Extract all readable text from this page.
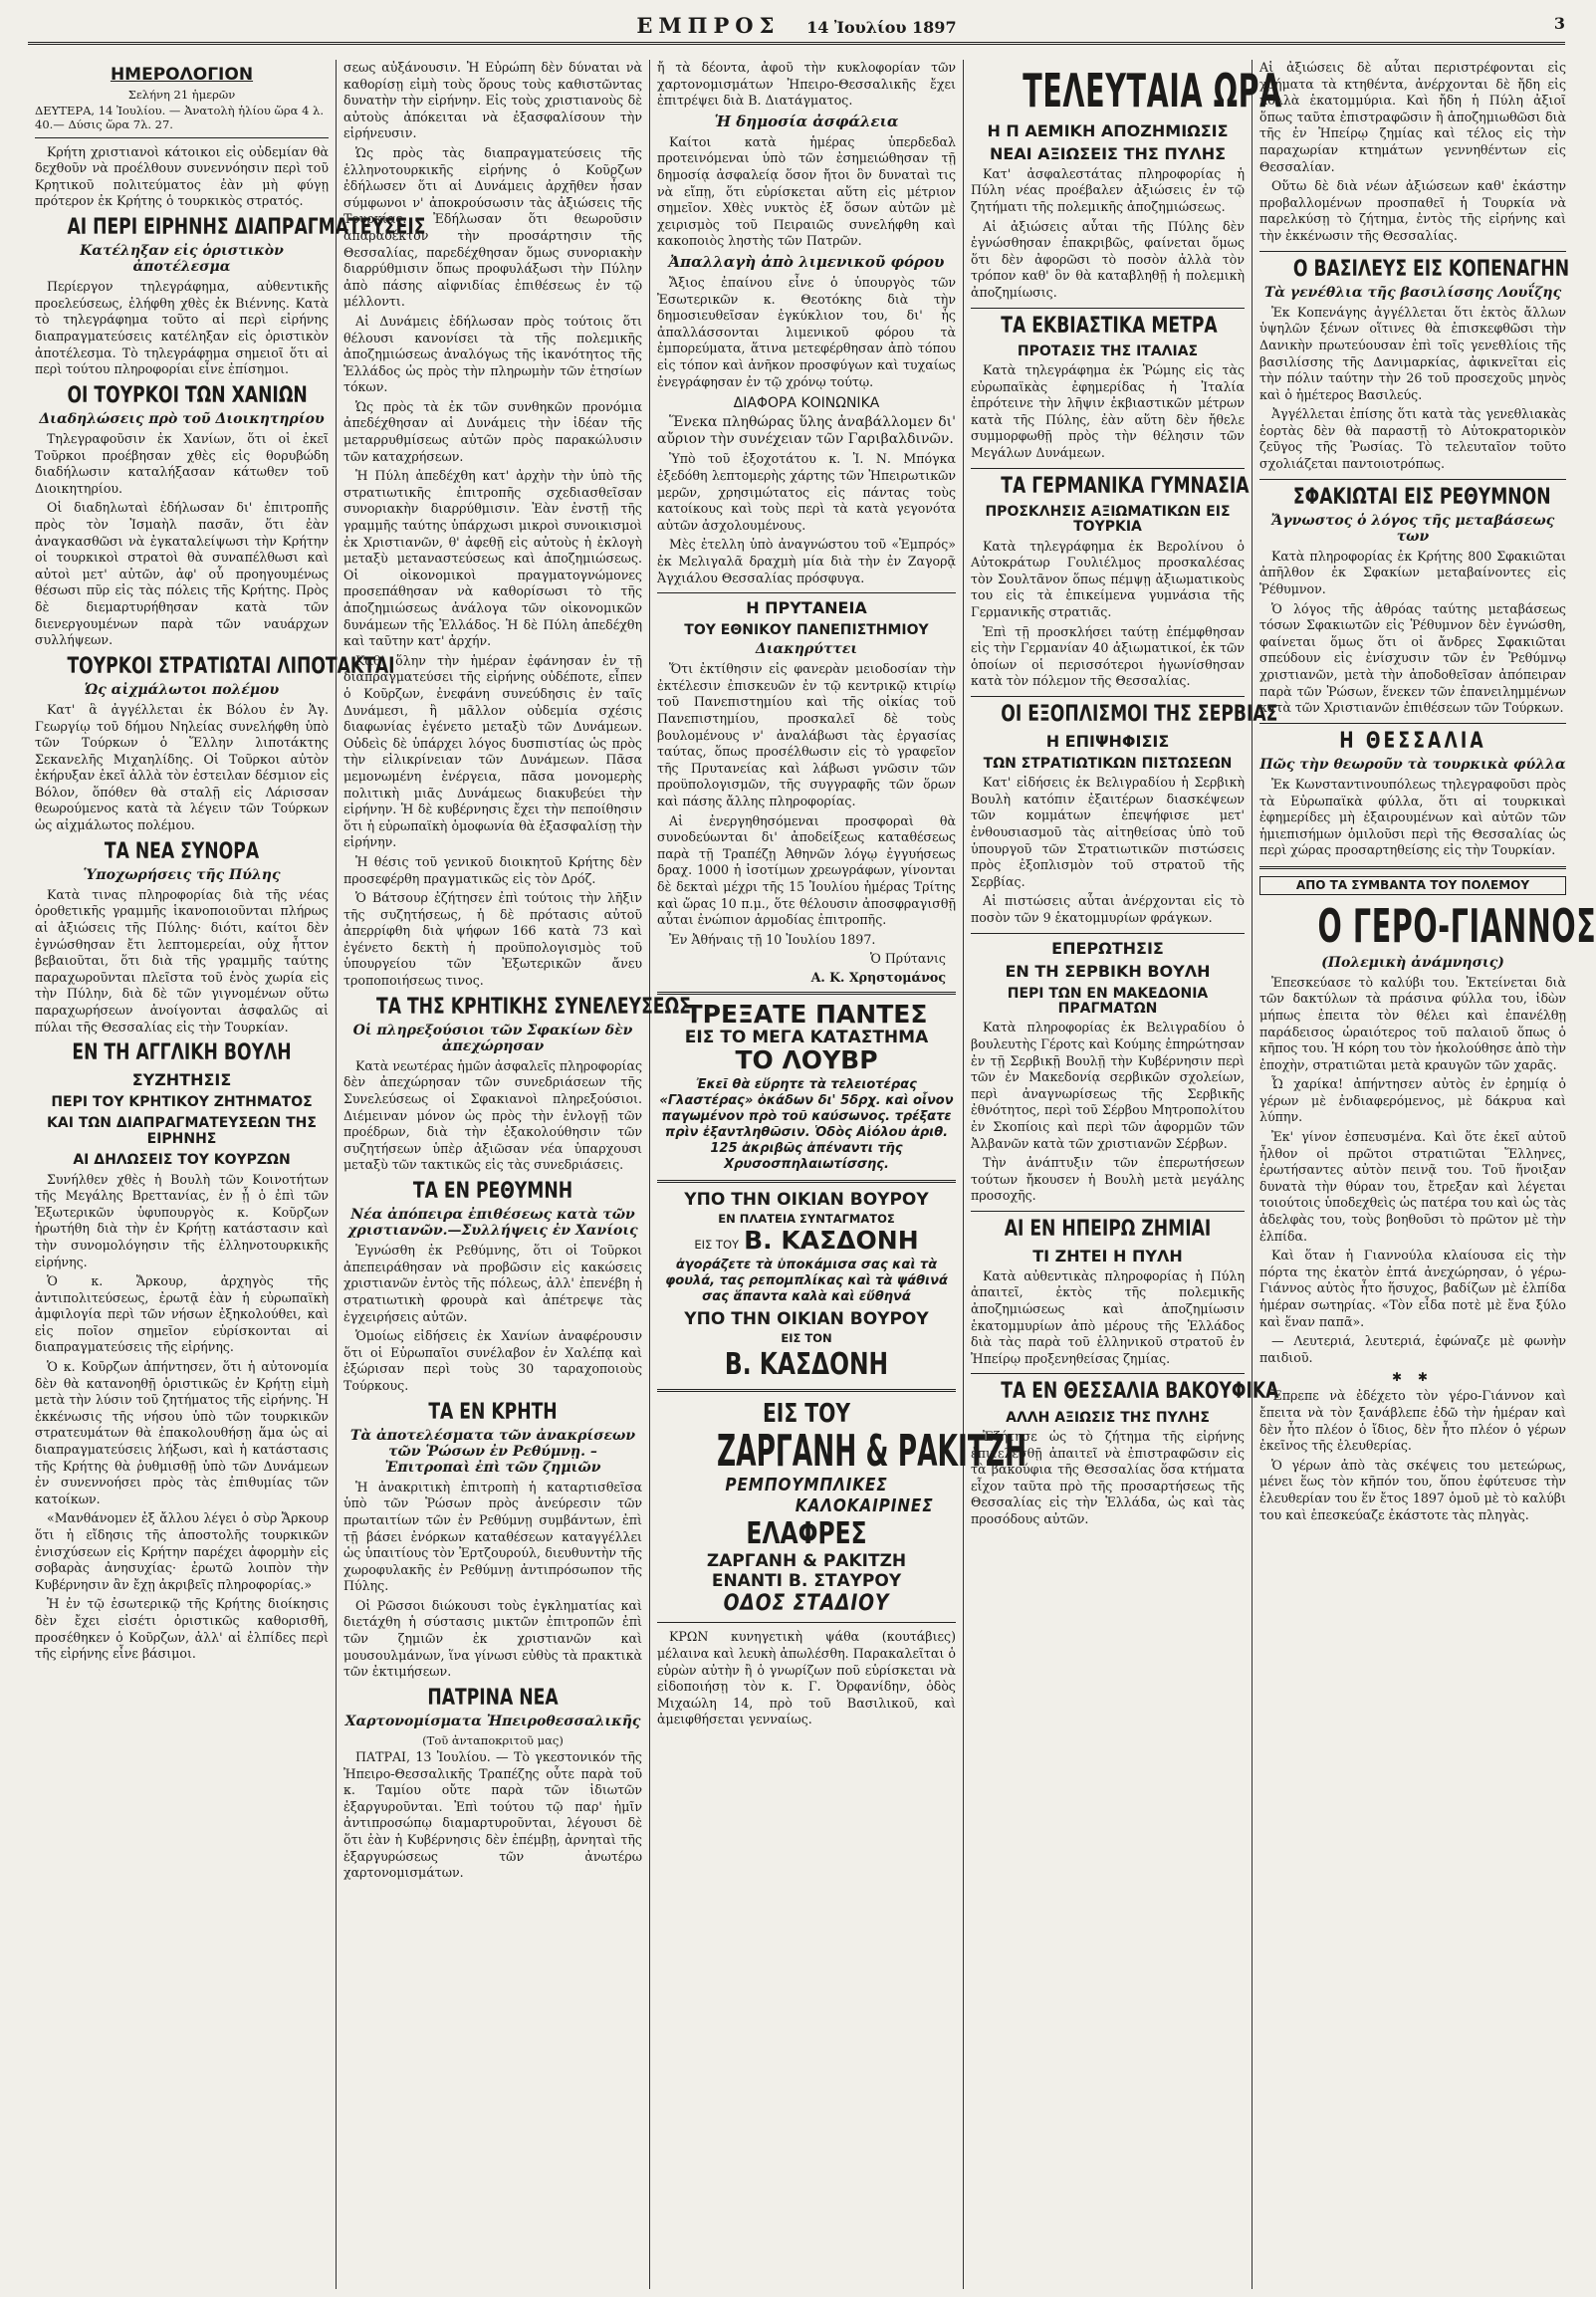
ΕΜΠΡΟΣ 14 Ἰουλίου 1897	3
ΗΜΕΡΟΛΟΓΙΟΝ
Σελήνη 21 ἡμερῶν
ΔΕΥΤΕΡΑ, 14 Ἰουλίου. — Ἀνατολὴ ἡλίου ὥρα 4 λ. 40.— Δύσις ὥρα 7λ. 27.

Κρήτη χριστιανοὶ κάτοικοι εἰς οὐδεμίαν θὰ δεχθοῦν νὰ προέλθουν συνεννόησιν περὶ τοῦ Κρητικοῦ πολιτεύματος ἐὰν μὴ φύγῃ πρότερον ἐκ Κρήτης ὁ τουρκικὸς στρατός.

ΑΙ ΠΕΡΙ ΕΙΡΗΝΗΣ ΔΙΑΠΡΑΓΜΑΤΕΥΣΕΙΣ
Κατέληξαν εἰς ὁριστικὸν ἀποτέλεσμα

Περίεργον τηλεγράφημα, αὐθεντικῆς προελεύσεως, ἐλήφθη χθὲς ἐκ Βιέννης. Κατὰ τὸ τηλεγράφημα τοῦτο αἱ περὶ εἰρήνης διαπραγματεύσεις κατέληξαν εἰς ὁριστικὸν ἀποτέλεσμα. Τὸ τηλεγράφημα σημειοῖ ὅτι αἱ περὶ τούτου πληροφορίαι εἶνε ἐπίσημοι.

ΟΙ ΤΟΥΡΚΟΙ ΤΩΝ ΧΑΝΙΩΝ
Διαδηλώσεις πρὸ τοῦ Διοικητηρίου

Τηλεγραφοῦσιν ἐκ Χανίων, ὅτι οἱ ἐκεῖ Τοῦρκοι προέβησαν χθὲς εἰς θορυβώδη διαδήλωσιν καταλήξασαν κάτωθεν τοῦ Διοικητηρίου.

Οἱ διαδηλωταὶ ἐδήλωσαν δι' ἐπιτροπῆς πρὸς τὸν Ἰσμαὴλ πασᾶν, ὅτι ἐὰν ἀναγκασθῶσι νὰ ἐγκαταλείψωσι τὴν Κρήτην οἱ τουρκικοὶ στρατοὶ θὰ συναπέλθωσι καὶ αὐτοὶ μετ' αὐτῶν, ἀφ' οὗ προηγουμένως θέσωσι πῦρ εἰς τὰς πόλεις τῆς Κρήτης. Πρὸς δὲ διεμαρτυρήθησαν κατὰ τῶν διενεργουμένων παρὰ τῶν ναυάρχων συλλήψεων.

ΤΟΥΡΚΟΙ ΣΤΡΑΤΙΩΤΑΙ ΛΙΠΟΤΑΚΤΑΙ
Ὡς αἰχμάλωτοι πολέμου

Κατ' ἃ ἀγγέλλεται ἐκ Βόλου ἐν Ἁγ. Γεωργίῳ τοῦ δήμου Νηλείας συνελήφθη ὑπὸ τῶν Τούρκων ὁ Ἕλλην λιποτάκτης Σεκανελῆς Μιχαηλίδης. Οἱ Τοῦρκοι αὐτὸν ἐκήρυξαν ἐκεῖ ἀλλὰ τὸν ἐστειλαν δέσμιον εἰς Βόλον, ὅπόθεν θὰ σταλῇ εἰς Λάρισσαν θεωρούμενος κατὰ τὰ λέγειν τῶν Τούρκων ὡς αἰχμάλωτος πολέμου.

ΤΑ ΝΕΑ ΣΥΝΟΡΑ
Ὑποχωρήσεις τῆς Πύλης

Κατὰ τινας πληροφορίας διὰ τῆς νέας ὁροθετικῆς γραμμῆς ἱκανοποιοῦνται πλήρως αἱ ἀξιώσεις τῆς Πύλης· διότι, καίτοι δὲν ἐγνώσθησαν ἔτι λεπτομερείαι, οὐχ ἧττον βεβαιοῦται, ὅτι διὰ τῆς γραμμῆς ταύτης παραχωροῦνται πλεῖστα τοῦ ἑνὸς χωρία εἰς τὴν Πύλην, διὰ δὲ τῶν γιγνομένων οὕτω παραχωρήσεων ἀνοίγονται ἀσφαλῶς αἱ πύλαι τῆς Θεσσαλίας εἰς τὴν Τουρκίαν.

ΕΝ ΤΗ ΑΓΓΛΙΚΗ ΒΟΥΛΗ
ΣΥΖΗΤΗΣΙΣ
ΠΕΡΙ ΤΟΥ ΚΡΗΤΙΚΟΥ ΖΗΤΗΜΑΤΟΣ
ΚΑΙ ΤΩΝ ΔΙΑΠΡΑΓΜΑΤΕΥΣΕΩΝ ΤΗΣ ΕΙΡΗΝΗΣ
ΑΙ ΔΗΛΩΣΕΙΣ ΤΟΥ ΚΟΥΡΖΩΝ

Συνήλθεν χθὲς ἡ Βουλὴ τῶν Κοινοτήτων τῆς Μεγάλης Βρεττανίας, ἐν ᾗ ὁ ἐπὶ τῶν Ἐξωτερικῶν ὑφυπουργὸς κ. Κοῦρζων ἠρωτήθη διὰ τὴν ἐν Κρήτῃ κατάστασιν καὶ τὴν συνομολόγησιν τῆς ἑλληνοτουρκικῆς εἰρήνης.

Ὁ κ. Ἄρκουρ, ἀρχηγὸς τῆς ἀντιπολιτεύσεως, ἐρωτᾷ ἐὰν ἡ εὐρωπαϊκὴ ἀμφιλογία περὶ τῶν νήσων ἐξηκολούθει, καὶ εἰς ποῖον σημεῖον εὑρίσκονται αἱ διαπραγματεύσεις τῆς εἰρήνης.

Ὁ κ. Κοῦρζων ἀπήντησεν, ὅτι ἡ αὐτονομία δὲν θὰ κατανοηθῇ ὁριστικῶς ἐν Κρήτῃ εἰμὴ μετὰ τὴν λύσιν τοῦ ζητήματος τῆς εἰρήνης. Ἡ ἐκκένωσις τῆς νήσου ὑπὸ τῶν τουρκικῶν στρατευμάτων θὰ ἐπακολουθήσῃ ἅμα ὡς αἱ διαπραγματεύσεις λήξωσι, καὶ ἡ κατάστασις τῆς Κρήτης θὰ ῥυθμισθῇ ὑπὸ τῶν Δυνάμεων ἐν συνεννοήσει πρὸς τὰς ἐπιθυμίας τῶν κατοίκων.

«Μανθάνομεν ἐξ ἄλλου λέγει ὁ σὺρ Ἄρκουρ ὅτι ἡ εἴδησις τῆς ἀποστολῆς τουρκικῶν ἐνισχύσεων εἰς Κρήτην παρέχει ἀφορμὴν εἰς σοβαρὰς ἀνησυχίας· ἐρωτῶ λοιπὸν τὴν Κυβέρνησιν ἂν ἔχῃ ἀκριβεῖς πληροφορίας.»

Ἡ ἐν τῷ ἐσωτερικῷ τῆς Κρήτης διοίκησις δὲν ἔχει εἰσέτι ὁριστικῶς καθορισθῆ, προσέθηκεν ὁ Κοῦρζων, ἀλλ' αἱ ἐλπίδες περὶ τῆς εἰρήνης εἶνε βάσιμοι.

σεως αὐξάνουσιν. Ἡ Εὐρώπη δὲν δύναται νὰ καθορίσῃ εἰμὴ τοὺς ὅρους τοὺς καθιστῶντας δυνατὴν τὴν εἰρήνην. Εἰς τοὺς χριστιανοὺς δὲ αὐτοὺς ἀπόκειται νὰ ἐξασφαλίσουν τὴν εἰρήνευσιν.

Ὡς πρὸς τὰς διαπραγματεύσεις τῆς ἑλληνοτουρκικῆς εἰρήνης ὁ Κοῦρζων ἐδήλωσεν ὅτι αἱ Δυνάμεις ἀρχῆθεν ἦσαν σύμφωνοι ν' ἀποκρούσωσιν τὰς ἀξιώσεις τῆς Τουρκίας. Ἐδήλωσαν ὅτι θεωροῦσιν ἀπαραδέκτον τὴν προσάρτησιν τῆς Θεσσαλίας, παρεδέχθησαν ὅμως συνοριακὴν διαρρύθμισιν ὅπως προφυλάξωσι τὴν Πύλην ἀπὸ πάσης αἰφνιδίας ἐπιθέσεως ἐν τῷ μέλλοντι.

Αἱ Δυνάμεις ἐδήλωσαν πρὸς τούτοις ὅτι θέλουσι κανονίσει τὰ τῆς πολεμικῆς ἀποζημιώσεως ἀναλόγως τῆς ἱκανότητος τῆς Ἑλλάδος ὡς πρὸς τὴν πληρωμὴν τῶν ἐτησίων τόκων.

Ὡς πρὸς τὰ ἐκ τῶν συνθηκῶν προνόμια ἀπεδέχθησαν αἱ Δυνάμεις τὴν ἰδέαν τῆς μεταρρυθμίσεως αὐτῶν πρὸς παρακώλυσιν τῶν καταχρήσεων.

Ἡ Πύλη ἀπεδέχθη κατ' ἀρχὴν τὴν ὑπὸ τῆς στρατιωτικῆς ἐπιτροπῆς σχεδιασθεῖσαν συνοριακὴν διαρρύθμισιν. Ἐὰν ἐνστῇ τῆς γραμμῆς ταύτης ὑπάρχωσι μικροὶ συνοικισμοὶ ἐκ Χριστιανῶν, θ' ἀφεθῇ εἰς αὐτοὺς ἡ ἐκλογὴ μεταξὺ μεταναστεύσεως καὶ ἀποζημιώσεως. Οἱ οἰκονομικοὶ πραγματογνώμονες προσεπάθησαν νὰ καθορίσωσι τὸ τῆς ἀποζημιώσεως ἀνάλογα τῶν οἰκονομικῶν δυνάμεων τῆς Ἑλλάδος. Ἡ δὲ Πύλη ἀπεδέχθη καὶ ταῦτην κατ' ἀρχήν.

Καθ' ὅλην τὴν ἡμέραν ἐφάνησαν ἐν τῇ διαπραγματεύσει τῆς εἰρήνης οὐδέποτε, εἶπεν ὁ Κοῦρζων, ἐνεφάνη συνεύδησις ἐν ταῖς Δυνάμεσι, ἢ μᾶλλον οὐδεμία σχέσις διαφωνίας ἐγένετο μεταξὺ τῶν Δυνάμεων. Οὐδεὶς δὲ ὑπάρχει λόγος δυσπιστίας ὡς πρὸς τὴν εἰλικρίνειαν τῶν Δυνάμεων. Πᾶσα μεμονωμένη ἐνέργεια, πᾶσα μονομερὴς πολιτικὴ μιᾶς Δυνάμεως διακυβεύει τὴν εἰρήνην. Ἡ δὲ κυβέρνησις ἔχει τὴν πεποίθησιν ὅτι ἡ εὐρωπαϊκὴ ὁμοφωνία θὰ ἐξασφαλίσῃ τὴν εἰρήνην.

Ἡ θέσις τοῦ γενικοῦ διοικητοῦ Κρήτης δὲν προσεφέρθη πραγματικῶς εἰς τὸν Δρόζ.

Ὁ Βάτσουρ ἐζήτησεν ἐπὶ τούτοις τὴν λῆξιν τῆς συζητήσεως, ἡ δὲ πρότασις αὐτοῦ ἀπερρίφθη διὰ ψήφων 166 κατὰ 73 καὶ ἐγένετο δεκτὴ ἡ προϋπολογισμὸς τοῦ ὑπουργείου τῶν Ἐξωτερικῶν ἄνευ τροποποιήσεως τινος.

ΤΑ ΤΗΣ ΚΡΗΤΙΚΗΣ ΣΥΝΕΛΕΥΣΕΩΣ
Οἱ πληρεξούσιοι τῶν Σφακίων δὲν ἀπεχώρησαν

Κατὰ νεωτέρας ἡμῶν ἀσφαλεῖς πληροφορίας δὲν ἀπεχώρησαν τῶν συνεδριάσεων τῆς Συνελεύσεως οἱ Σφακιανοὶ πληρεξούσιοι. Διέμειναν μόνον ὡς πρὸς τὴν ἐνλογῇ τῶν προέδρων, διὰ τὴν ἐξακολούθησιν τῶν συζητήσεων ὑπὲρ ἀξιῶσαν νέα ὑπαρχουσι μεταξὺ τῶν τακτικῶς εἰς τὰς συνεδριάσεις.

ΤΑ ΕΝ ΡΕΘΥΜΝΗ
Νέα ἀπόπειρα ἐπιθέσεως κατὰ τῶν χριστιανῶν.—Συλλήψεις ἐν Χανίοις

Ἐγνώσθη ἐκ Ρεθύμνης, ὅτι οἱ Τοῦρκοι ἀπεπειράθησαν νὰ προβῶσιν εἰς κακώσεις χριστιανῶν ἐντὸς τῆς πόλεως, ἀλλ' ἐπενέβη ἡ στρατιωτικὴ φρουρὰ καὶ ἀπέτρεψε τὰς ἐγχειρήσεις αὐτῶν.

Ὁμοίως εἰδήσεις ἐκ Χανίων ἀναφέρουσιν ὅτι οἱ Εὐρωπαῖοι συνέλαβον ἐν Χαλέπᾳ καὶ ἐξώρισαν περὶ τοὺς 30 ταραχοποιοὺς Τούρκους.

ΤΑ ΕΝ ΚΡΗΤΗ
Τὰ ἀποτελέσματα τῶν ἀνακρίσεων τῶν Ῥώσων ἐν Ρεθύμνῃ. – Ἐπιτροπαὶ ἐπὶ τῶν ζημιῶν

Ἡ ἀνακριτικὴ ἐπιτροπὴ ἡ καταρτισθεῖσα ὑπὸ τῶν Ῥώσων πρὸς ἀνεύρεσιν τῶν πρωταιτίων τῶν ἐν Ρεθύμνῃ συμβάντων, ἐπὶ τῇ βάσει ἐνόρκων καταθέσεων καταγγέλλει ὡς ὑπαιτίους τὸν Ἐρτζουρούλ, διευθυντὴν τῆς χωροφυλακῆς ἐν Ρεθύμνῃ ἀντιπρόσωπον τῆς Πύλης.

Οἱ Ρῶσσοι διώκουσι τοὺς ἐγκληματίας καὶ διετάχθη ἡ σύστασις μικτῶν ἐπιτροπῶν ἐπὶ τῶν ζημιῶν ἐκ χριστιανῶν καὶ μουσουλμάνων, ἵνα γίνωσι εὐθὺς τὰ πρακτικὰ τῶν ἐκτιμήσεων.

ΠΑΤΡΙΝΑ ΝΕΑ
Χαρτονομίσματα Ἠπειροθεσσαλικῆς
(Τοῦ ἀνταποκριτοῦ μας)

ΠΑΤΡΑΙ, 13 Ἰουλίου. — Τὸ γκεστονικόν τῆς Ἠπειρο-Θεσσαλικῆς Τραπέζης οὗτε παρὰ τοῦ κ. Ταμίου οὔτε παρὰ τῶν ἰδιωτῶν ἐξαργυροῦνται. Ἐπὶ τούτου τῷ παρ' ἡμῖν ἀντιπροσώπῳ διαμαρτυροῦνται, λέγουσι δὲ ὅτι ἐὰν ἡ Κυβέρνησις δὲν ἐπέμβῃ, ἀρνηταὶ τῆς ἐξαργυρώσεως τῶν ἀνωτέρω χαρτονομισμάτων.

ἤ τὰ δέοντα, ἀφοῦ τὴν κυκλοφορίαν τῶν χαρτονομισμάτων Ἠπειρο-Θεσσαλικῆς ἔχει ἐπιτρέψει διὰ Β. Διατάγματος.

Ἡ δημοσία ἀσφάλεια

Καίτοι κατὰ ἡμέρας ὑπερδεδαλ προτεινόμεναι ὑπὸ τῶν ἐσημειώθησαν τῇ δημοσίᾳ ἀσφαλείᾳ ὅσον ἤτοι ὃν δυναταὶ τις νὰ εἴπῃ, ὅτι εὑρίσκεται αὕτη εἰς μέτριον σημεῖον. Χθὲς νυκτὸς ἐξ ὅσων αὐτῶν μὲ χειρισμὸς τοῦ Πειραιῶς συνελήφθη καὶ κακοποιὸς ληστὴς τῶν Πατρῶν.

Ἀπαλλαγὴ ἀπὸ λιμενικοῦ φόρου

Ἄξιος ἐπαίνου εἶνε ὁ ὑπουργὸς τῶν Ἐσωτερικῶν κ. Θεοτόκης διὰ τὴν δημοσιευθεῖσαν ἐγκύκλιον του, δι' ἧς ἀπαλλάσσονται λιμενικοῦ φόρου τὰ ἐμπορεύματα, ἅτινα μετεφέρθησαν ἀπὸ τόπου εἰς τόπον καὶ ἀνῆκον προσφύγων καὶ τυχαίως ἐνεγράφησαν ἐν τῷ χρόνῳ τούτῳ.

ΔΙΑΦΟΡΑ ΚΟΙΝΩΝΙΚΑ

Ἕνεκα πληθώρας ὕλης ἀναβάλλομεν δι' αὔριον τὴν συνέχειαν τῶν Γαριβαλδινῶν.

Ὑπὸ τοῦ ἐξοχοτάτου κ. Ἰ. Ν. Μπόγκα ἐξεδόθη λεπτομερὴς χάρτης τῶν Ἠπειρωτικῶν μερῶν, χρησιμώτατος εἰς πάντας τοὺς κατοίκους καὶ τοὺς περὶ τὰ κατὰ γεγονότα αὐτῶν ἀσχολουμένους.

Μὲς ἐτελλη ὑπὸ ἀναγνώστου τοῦ «Ἐμπρός» ἐκ Μελιγαλᾶ δραχμὴ μία διὰ τὴν ἐν Ζαγορᾷ Ἀγχιάλου Θεσσαλίας πρόσφυγα.

Η ΠΡΥΤΑΝΕΙΑ
ΤΟΥ ΕΘΝΙΚΟΥ ΠΑΝΕΠΙΣΤΗΜΙΟΥ
Διακηρύττει

Ὅτι ἐκτίθησιν εἰς φανερὰν μειοδοσίαν τὴν ἐκτέλεσιν ἐπισκευῶν ἐν τῷ κεντρικῷ κτιρίῳ τοῦ Πανεπιστημίου καὶ τῆς οἰκίας τοῦ Πανεπιστημίου, προσκαλεῖ δὲ τοὺς βουλομένους ν' ἀναλάβωσι τὰς ἐργασίας ταύτας, ὅπως προσέλθωσιν εἰς τὸ γραφεῖον τῆς Πρυτανείας καὶ λάβωσι γνῶσιν τῶν προϋπολογισμῶν, τῆς συγγραφῆς τῶν ὅρων καὶ πάσης ἄλλης πληροφορίας.

Αἱ ἐνεργηθησόμεναι προσφοραὶ θὰ συνοδεύωνται δι' ἀποδείξεως καταθέσεως παρὰ τῇ Τραπέζῃ Ἀθηνῶν λόγῳ ἐγγυήσεως δραχ. 1000 ἡ ἰσοτίμων χρεωγράφων, γίνονται δὲ δεκταὶ μέχρι τῆς 15 Ἰουλίου ἡμέρας Τρίτης καὶ ὥρας 10 π.μ., ὅτε θέλουσιν ἀποσφραγισθῇ αὗται ἐνώπιον ἁρμοδίας ἐπιτροπῆς.

Ἐν Ἀθήναις τῇ 10 Ἰουλίου 1897.

Ὁ Πρύτανις
Α. Κ. Χρηστομάνος
ΤΡΕΞΑΤΕ ΠΑΝΤΕΣ
ΕΙΣ ΤΟ ΜΕΓΑ ΚΑΤΑΣΤΗΜΑ
ΤΟ ΛΟΥΒΡ
Ἐκεῖ θὰ εὕρητε τὰ τελειοτέρας «Γλαστέρας» ὀκάδων δι' 5δρχ. καὶ οἶνον παγωμένον πρὸ τοῦ καύσωνος. τρέξατε πρὶν ἐξαντληθῶσιν. Ὁδὸς Αἰόλου ἀριθ. 125 ἀκριβῶς ἀπέναντι τῆς Χρυσοσπηλαιωτίσσης.
ΥΠΟ ΤΗΝ ΟΙΚΙΑΝ ΒΟΥΡΟΥ
ΕΝ ΠΛΑΤΕΙΑ ΣΥΝΤΑΓΜΑΤΟΣ
ΕΙΣ ΤΟΥ Β. ΚΑΣΔΟΝΗ
ἀγοράζετε τὰ ὑποκάμισα σας καὶ τὰ φουλά, τας ρεπομπλίκας καὶ τὰ ψάθινά σας ἅπαντα καλὰ καὶ εὔθηνά
ΥΠΟ ΤΗΝ ΟΙΚΙΑΝ ΒΟΥΡΟΥ
ΕΙΣ ΤΟΝ
Β. ΚΑΣΔΟΝΗ
ΕΙΣ ΤΟΥ
ΖΑΡΓΑΝΗ & ΡΑΚΙΤΖΗ
ΡΕΜΠΟΥΜΠΛΙΚΕΣ
ΚΑΛΟΚΑΙΡΙΝΕΣ
ΕΛΑΦΡΕΣ
ΖΑΡΓΑΝΗ & ΡΑΚΙΤΖΗ
ΕΝΑΝΤΙ Β. ΣΤΑΥΡΟΥ
ΟΔΟΣ ΣΤΑΔΙΟΥ

ΚΡΩΝ κυνηγετικὴ ψάθα (κουτάβιες) μέλαινα καὶ λευκὴ ἀπωλέσθη. Παρακαλεῖται ὁ εὑρὼν αὐτὴν ἢ ὁ γνωρίζων ποῦ εὑρίσκεται νὰ εἰδοποιήσῃ τὸν κ. Γ. Ὀρφανίδην, ὁδὸς Μιχαώλη 14, πρὸ τοῦ Βασιλικοῦ, καὶ ἀμειφθήσεται γενναίως.

ΤΕΛΕΥΤΑΙΑ ΩΡΑ
Η Π ΑΕΜΙΚΗ ΑΠΟΖΗΜΙΩΣΙΣ
ΝΕΑΙ ΑΞΙΩΣΕΙΣ ΤΗΣ ΠΥΛΗΣ

Κατ' ἀσφαλεστάτας πληροφορίας ἡ Πύλη νέας προέβαλεν ἀξιώσεις ἐν τῷ ζητήματι τῆς πολεμικῆς ἀποζημιώσεως.

Αἱ ἀξιώσεις αὗται τῆς Πύλης δὲν ἐγνώσθησαν ἐπακριβῶς, φαίνεται ὅμως ὅτι δὲν ἀφορῶσι τὸ ποσὸν ἀλλὰ τὸν τρόπον καθ' ὃν θὰ καταβληθῇ ἡ πολεμικὴ ἀποζημίωσις.

ΤΑ ΕΚΒΙΑΣΤΙΚΑ ΜΕΤΡΑ
ΠΡΟΤΑΣΙΣ ΤΗΣ ΙΤΑΛΙΑΣ

Κατὰ τηλεγράφημα ἐκ Ῥώμης εἰς τὰς εὐρωπαϊκὰς ἐφημερίδας ἡ Ἰταλία ἐπρότεινε τὴν λῆψιν ἐκβιαστικῶν μέτρων κατὰ τῆς Πύλης, ἐὰν αὕτη δὲν ἤθελε συμμορφωθῇ πρὸς τὴν θέλησιν τῶν Μεγάλων Δυνάμεων.

ΤΑ ΓΕΡΜΑΝΙΚΑ ΓΥΜΝΑΣΙΑ
ΠΡΟΣΚΛΗΣΙΣ ΑΞΙΩΜΑΤΙΚΩΝ ΕΙΣ ΤΟΥΡΚΙΑ

Κατὰ τηλεγράφημα ἐκ Βερολίνου ὁ Αὐτοκράτωρ Γουλιέλμος προσκαλέσας τὸν Σουλτᾶνον ὅπως πέμψῃ ἀξιωματικοὺς του εἰς τὰ ἐπικείμενα γυμνάσια τῆς Γερμανικῆς στρατιᾶς.

Ἐπὶ τῇ προσκλήσει ταύτῃ ἐπέμφθησαν εἰς τὴν Γερμανίαν 40 ἀξιωματικοί, ἐκ τῶν ὁποίων οἱ περισσότεροι ἠγωνίσθησαν κατὰ τὸν πόλεμον τῆς Θεσσαλίας.

ΟΙ ΕΞΟΠΛΙΣΜΟΙ ΤΗΣ ΣΕΡΒΙΑΣ
Η ΕΠΙΨΗΦΙΣΙΣ
ΤΩΝ ΣΤΡΑΤΙΩΤΙΚΩΝ ΠΙΣΤΩΣΕΩΝ

Κατ' εἰδήσεις ἐκ Βελιγραδίου ἡ Σερβικὴ Βουλὴ κατόπιν ἐξαιτέρων διασκέψεων τῶν κομμάτων ἐπεψήφισε μετ' ἐνθουσιασμοῦ τὰς αἰτηθείσας ὑπὸ τοῦ ὑπουργοῦ τῶν Στρατιωτικῶν πιστώσεις πρὸς ἐξοπλισμὸν τοῦ στρατοῦ τῆς Σερβίας.

Αἱ πιστώσεις αὗται ἀνέρχονται εἰς τὸ ποσὸν τῶν 9 ἑκατομμυρίων φράγκων.

ΕΠΕΡΩΤΗΣΙΣ
ΕΝ ΤΗ ΣΕΡΒΙΚΗ ΒΟΥΛΗ
ΠΕΡΙ ΤΩΝ ΕΝ ΜΑΚΕΔΟΝΙΑ ΠΡΑΓΜΑΤΩΝ

Κατὰ πληροφορίας ἐκ Βελιγραδίου ὁ βουλευτὴς Γέροτς καὶ Κούμης ἐπηρώτησαν ἐν τῇ Σερβικῇ Βουλῇ τὴν Κυβέρνησιν περὶ τῶν ἐν Μακεδονίᾳ σερβικῶν σχολείων, περὶ ἀναγνωρίσεως τῆς Σερβικῆς ἐθνότητος, περὶ τοῦ Σέρβου Μητροπολίτου ἐν Σκοπίοις καὶ περὶ τῶν ἀφορμῶν τῶν Ἀλβανῶν κατὰ τῶν χριστιανῶν Σέρβων.

Τὴν ἀνάπτυξιν τῶν ἐπερωτήσεων τούτων ἤκουσεν ἡ Βουλὴ μετὰ μεγάλης προσοχῆς.

ΑΙ ΕΝ ΗΠΕΙΡΩ ΖΗΜΙΑΙ
ΤΙ ΖΗΤΕΙ Η ΠΥΛΗ

Κατὰ αὐθεντικὰς πληροφορίας ἡ Πύλη ἀπαιτεῖ, ἐκτὸς τῆς πολεμικῆς ἀποζημιώσεως καὶ ἀποζημίωσιν ἑκατομμυρίων ἀπὸ μέρους τῆς Ἑλλάδος διὰ τὰς παρὰ τοῦ ἑλληνικοῦ στρατοῦ ἐν Ἠπείρῳ προξενηθείσας ζημίας.

ΤΑ ΕΝ ΘΕΣΣΑΛΙΑ ΒΑΚΟΥΦΙΚΑ
ΑΛΛΗ ΑΞΙΩΣΙΣ ΤΗΣ ΠΥΛΗΣ

Ἐζήτησε ὡς τὸ ζήτημα τῆς εἰρήνης ἐπιτελεσθῇ ἀπαιτεῖ νὰ ἐπιστραφῶσιν εἰς τὰ βακούφια τῆς Θεσσαλίας ὅσα κτήματα εἶχον ταῦτα πρὸ τῆς προσαρτήσεως τῆς Θεσσαλίας εἰς τὴν Ἑλλάδα, ὡς καὶ τὰς προσόδους αὐτῶν.

Αἱ ἀξιώσεις δὲ αὗται περιστρέφονται εἰς χρήματα τὰ κτηθέντα, ἀνέρχονται δὲ ἤδη εἰς πολλὰ ἑκατομμύρια. Καὶ ἤδη ἡ Πύλη ἀξιοῖ ὅπως ταῦτα ἐπιστραφῶσιν ἢ ἀποζημιωθῶσι διὰ τῆς ἐν Ἠπείρῳ ζημίας καὶ τέλος εἰς τὴν παραχωρίαν κτημάτων γεννηθέντων εἰς Θεσσαλίαν.

Οὕτω δὲ διὰ νέων ἀξιώσεων καθ' ἑκάστην προβαλλομένων προσπαθεῖ ἡ Τουρκία νὰ παρελκύσῃ τὸ ζήτημα, ἐντὸς τῆς εἰρήνης καὶ τὴν ἐκκένωσιν τῆς Θεσσαλίας.

Ο ΒΑΣΙΛΕΥΣ ΕΙΣ ΚΟΠΕΝΑΓΗΝ
Τὰ γενέθλια τῆς βασιλίσσης Λουΐζης

Ἐκ Κοπενάγης ἀγγέλλεται ὅτι ἐκτὸς ἄλλων ὑψηλῶν ξένων οἵτινες θὰ ἐπισκεφθῶσι τὴν Δανικὴν πρωτεύουσαν ἐπὶ τοῖς γενεθλίοις τῆς βασιλίσσης τῆς Δανιμαρκίας, ἀφικνεῖται εἰς τὴν πόλιν ταύτην τὴν 26 τοῦ προσεχοῦς μηνὸς καὶ ὁ ἡμέτερος Βασιλεύς.

Ἀγγέλλεται ἐπίσης ὅτι κατὰ τὰς γενεθλιακὰς ἑορτὰς δὲν θὰ παραστῇ τὸ Αὐτοκρατορικὸν ζεῦγος τῆς Ῥωσίας. Τὸ τελευταῖον τοῦτο σχολιάζεται παντοιοτρόπως.

ΣΦΑΚΙΩΤΑΙ ΕΙΣ ΡΕΘΥΜΝΟΝ
Ἄγνωστος ὁ λόγος τῆς μεταβάσεως των

Κατὰ πληροφορίας ἐκ Κρήτης 800 Σφακιῶται ἀπῆλθον ἐκ Σφακίων μεταβαίνοντες εἰς Ῥέθυμνον.

Ὁ λόγος τῆς ἀθρόας ταύτης μεταβάσεως τόσων Σφακιωτῶν εἰς Ῥέθυμνον δὲν ἐγνώσθη, φαίνεται ὅμως ὅτι οἱ ἄνδρες Σφακιῶται σπεύδουν εἰς ἐνίσχυσιν τῶν ἐν Ῥεθύμνῳ χριστιανῶν, μετὰ τὴν ἀποδοθεῖσαν ἀπόπειραν παρὰ τῶν Ῥώσων, ἕνεκεν τῶν ἐπανειλημμένων κατὰ τῶν Χριστιανῶν ἐπιθέσεων τῶν Τούρκων.

Η ΘΕΣΣΑΛΙΑ
Πῶς τὴν θεωροῦν τὰ τουρκικὰ φύλλα

Ἐκ Κωνσταντινουπόλεως τηλεγραφοῦσι πρὸς τὰ Εὐρωπαϊκὰ φύλλα, ὅτι αἱ τουρκικαὶ ἐφημερίδες μὴ ἐξαιρουμένων καὶ αὐτῶν τῶν ἡμιεπισήμων ὁμιλοῦσι περὶ τῆς Θεσσαλίας ὡς περὶ χώρας προσαρτηθείσης εἰς τὴν Τουρκίαν.

ΑΠΟ ΤΑ ΣΥΜΒΑΝΤΑ ΤΟΥ ΠΟΛΕΜΟΥ
Ο ΓΕΡΟ-ΓΙΑΝΝΟΣ
(Πολεμικὴ ἀνάμνησις)

Ἐπεσκεύασε τὸ καλύβι του. Ἐκτείνεται διὰ τῶν δακτύλων τὰ πράσινα φύλλα του, ἰδὼν μήπως ἐπειτα τὸν θέλει καὶ ἐπανέλθῃ παράδεισος ὡραιότερος τοῦ παλαιοῦ ὅπως ὁ κῆπος του. Ἡ κόρη του τὸν ἠκολούθησε ἀπὸ τὴν ἐποχὴν, στρατιῶται μετὰ κραυγῶν τῶν χαρᾶς.

Ὦ χαρίκα! ἀπήντησεν αὐτὸς ἐν ἐρημίᾳ ὁ γέρων μὲ ἐνδιαφερόμενος, μὲ δάκρυα καὶ λύπην.

Ἐκ' γίνον ἐσπευσμένα. Καὶ ὅτε ἐκεῖ αὐτοῦ ἦλθον οἱ πρῶτοι στρατιῶται Ἕλληνες, ἐρωτήσαντες αὐτὸν πεινᾷ του. Τοῦ ἥνοιξαν δυνατὰ τὴν θύραν του, ἔτρεξαν καὶ λέγεται τοιούτοις ὑποδεχθεὶς ὡς πατέρα του καὶ ὡς τὰς ἀδελφὰς του, τοὺς βοηθοῦσι τὸ πρῶτον μὲ τὴν ἐλπίδα.

Καὶ ὅταν ἡ Γιαννούλα κλαίουσα εἰς τὴν πόρτα της ἐκατὸν ἐπτά ἀνεχώρησαν, ὁ γέρω-Γιάννος αὐτὸς ἦτο ἥσυχος, βαδίζων μὲ ἐλπίδα ἡμέραν σωτηρίας. «Τὸν εἶδα ποτὲ μὲ ἕνα ξύλο καὶ ἕναν παπᾶ».

— Λευτεριά, λευτεριά, ἐφώναζε μὲ φωνὴν παιδιοῦ.

✱ ✱

Ἐπρεπε νὰ ἐδέχετο τὸν γέρο-Γιάννον καὶ ἔπειτα νὰ τὸν ξανάβλεπε ἐδῶ τὴν ἡμέραν καὶ δὲν ἦτο πλέον ὁ ἴδιος, δὲν ἦτο πλέον ὁ γέρων ἐκεῖνος τῆς ἐλευθερίας.

Ὁ γέρων ἀπὸ τὰς σκέψεις του μετεώρως, μένει ἕως τὸν κῆπόν του, ὅπου ἐφύτευσε τὴν ἐλευθερίαν του ἕν ἔτος 1897 ὁμοῦ μὲ τὸ καλύβι του καὶ ἐπεσκεύαζε ἐκάστοτε τὰς πληγὰς.
